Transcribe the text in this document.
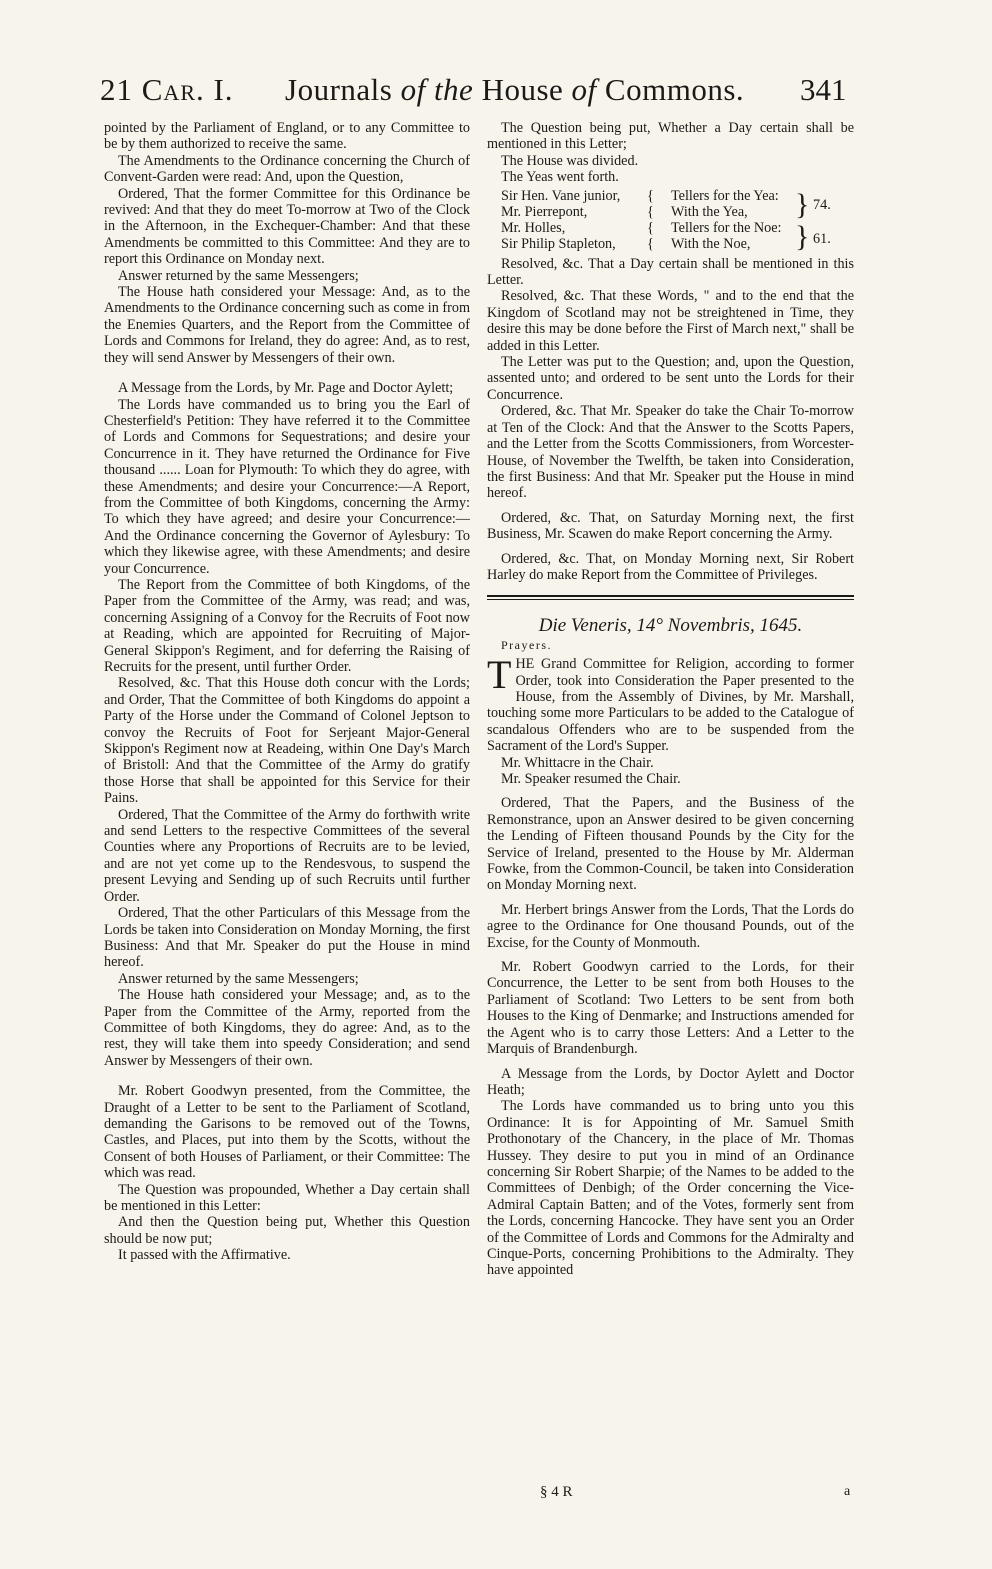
21 Car. I. Journals of the House of Commons. 341

pointed by the Parliament of England, or to any Committee to be by them authorized to receive the same.

The Amendments to the Ordinance concerning the Church of Convent-Garden were read: And, upon the Question,

Ordered, That the former Committee for this Ordinance be revived: And that they do meet To-morrow at Two of the Clock in the Afternoon, in the Exchequer-Chamber: And that these Amendments be committed to this Committee: And they are to report this Ordinance on Monday next.

Answer returned by the same Messengers;

The House hath considered your Message: And, as to the Amendments to the Ordinance concerning such as come in from the Enemies Quarters, and the Report from the Committee of Lords and Commons for Ireland, they do agree: And, as to rest, they will send Answer by Messengers of their own.

A Message from the Lords, by Mr. Page and Doctor Aylett;

The Lords have commanded us to bring you the Earl of Chesterfield's Petition: They have referred it to the Committee of Lords and Commons for Sequestrations; and desire your Concurrence in it. They have returned the Ordinance for Five thousand ...... Loan for Plymouth: To which they do agree, with these Amendments; and desire your Concurrence:—A Report, from the Committee of both Kingdoms, concerning the Army: To which they have agreed; and desire your Concurrence:—And the Ordinance concerning the Governor of Aylesbury: To which they likewise agree, with these Amendments; and desire your Concurrence.

The Report from the Committee of both Kingdoms, of the Paper from the Committee of the Army, was read; and was, concerning Assigning of a Convoy for the Recruits of Foot now at Reading, which are appointed for Recruiting of Major-General Skippon's Regiment, and for deferring the Raising of Recruits for the present, until further Order.

Resolved, &c. That this House doth concur with the Lords; and Order, That the Committee of both Kingdoms do appoint a Party of the Horse under the Command of Colonel Jeptson to convoy the Recruits of Foot for Serjeant Major-General Skippon's Regiment now at Readeing, within One Day's March of Bristoll: And that the Committee of the Army do gratify those Horse that shall be appointed for this Service for their Pains.

Ordered, That the Committee of the Army do forthwith write and send Letters to the respective Committees of the several Counties where any Proportions of Recruits are to be levied, and are not yet come up to the Rendesvous, to suspend the present Levying and Sending up of such Recruits until further Order.

Ordered, That the other Particulars of this Message from the Lords be taken into Consideration on Monday Morning, the first Business: And that Mr. Speaker do put the House in mind hereof.

Answer returned by the same Messengers;

The House hath considered your Message; and, as to the Paper from the Committee of the Army, reported from the Committee of both Kingdoms, they do agree: And, as to the rest, they will take them into speedy Consideration; and send Answer by Messengers of their own.

Mr. Robert Goodwyn presented, from the Committee, the Draught of a Letter to be sent to the Parliament of Scotland, demanding the Garisons to be removed out of the Towns, Castles, and Places, put into them by the Scotts, without the Consent of both Houses of Parliament, or their Committee: The which was read.

The Question was propounded, Whether a Day certain shall be mentioned in this Letter:

And then the Question being put, Whether this Question should be now put;

It passed with the Affirmative.

The Question being put, Whether a Day certain shall be mentioned in this Letter;

The House was divided.

The Yeas went forth.

Sir Hen. Vane junior, { Tellers for the Yea:
Mr. Pierrepont,	{ With the Yea, } 74.
Mr. Holles,	{ Tellers for the Noe:
Sir Philip Stapleton, { With the Noe, } 61.

Resolved, &c. That a Day certain shall be mentioned in this Letter.

Resolved, &c. That these Words, " and to the end that the Kingdom of Scotland may not be streightened in Time, they desire this may be done before the First of March next," shall be added in this Letter.

The Letter was put to the Question; and, upon the Question, assented unto; and ordered to be sent unto the Lords for their Concurrence.

Ordered, &c. That Mr. Speaker do take the Chair To-morrow at Ten of the Clock: And that the Answer to the Scotts Papers, and the Letter from the Scotts Commissioners, from Worcester-House, of November the Twelfth, be taken into Consideration, the first Business: And that Mr. Speaker put the House in mind hereof.

Ordered, &c. That, on Saturday Morning next, the first Business, Mr. Scawen do make Report concerning the Army.

Ordered, &c. That, on Monday Morning next, Sir Robert Harley do make Report from the Committee of Privileges.

Die Veneris, 14° Novembris, 1645.
Prayers.

THE Grand Committee for Religion, according to former Order, took into Consideration the Paper presented to the House, from the Assembly of Divines, by Mr. Marshall, touching some more Particulars to be added to the Catalogue of scandalous Offenders who are to be suspended from the Sacrament of the Lord's Supper.

Mr. Whittacre in the Chair.

Mr. Speaker resumed the Chair.

Ordered, That the Papers, and the Business of the Remonstrance, upon an Answer desired to be given concerning the Lending of Fifteen thousand Pounds by the City for the Service of Ireland, presented to the House by Mr. Alderman Fowke, from the Common-Council, be taken into Consideration on Monday Morning next.

Mr. Herbert brings Answer from the Lords, That the Lords do agree to the Ordinance for One thousand Pounds, out of the Excise, for the County of Monmouth.

Mr. Robert Goodwyn carried to the Lords, for their Concurrence, the Letter to be sent from both Houses to the Parliament of Scotland: Two Letters to be sent from both Houses to the King of Denmarke; and Instructions amended for the Agent who is to carry those Letters: And a Letter to the Marquis of Brandenburgh.

A Message from the Lords, by Doctor Aylett and Doctor Heath;

The Lords have commanded us to bring unto you this Ordinance: It is for Appointing of Mr. Samuel Smith Prothonotary of the Chancery, in the place of Mr. Thomas Hussey. They desire to put you in mind of an Ordinance concerning Sir Robert Sharpie; of the Names to be added to the Committees of Denbigh; of the Order concerning the Vice-Admiral Captain Batten; and of the Votes, formerly sent from the Lords, concerning Hancocke. They have sent you an Order of the Committee of Lords and Commons for the Admiralty and Cinque-Ports, concerning Prohibitions to the Admiralty. They have appointed

§ 4 R	a
